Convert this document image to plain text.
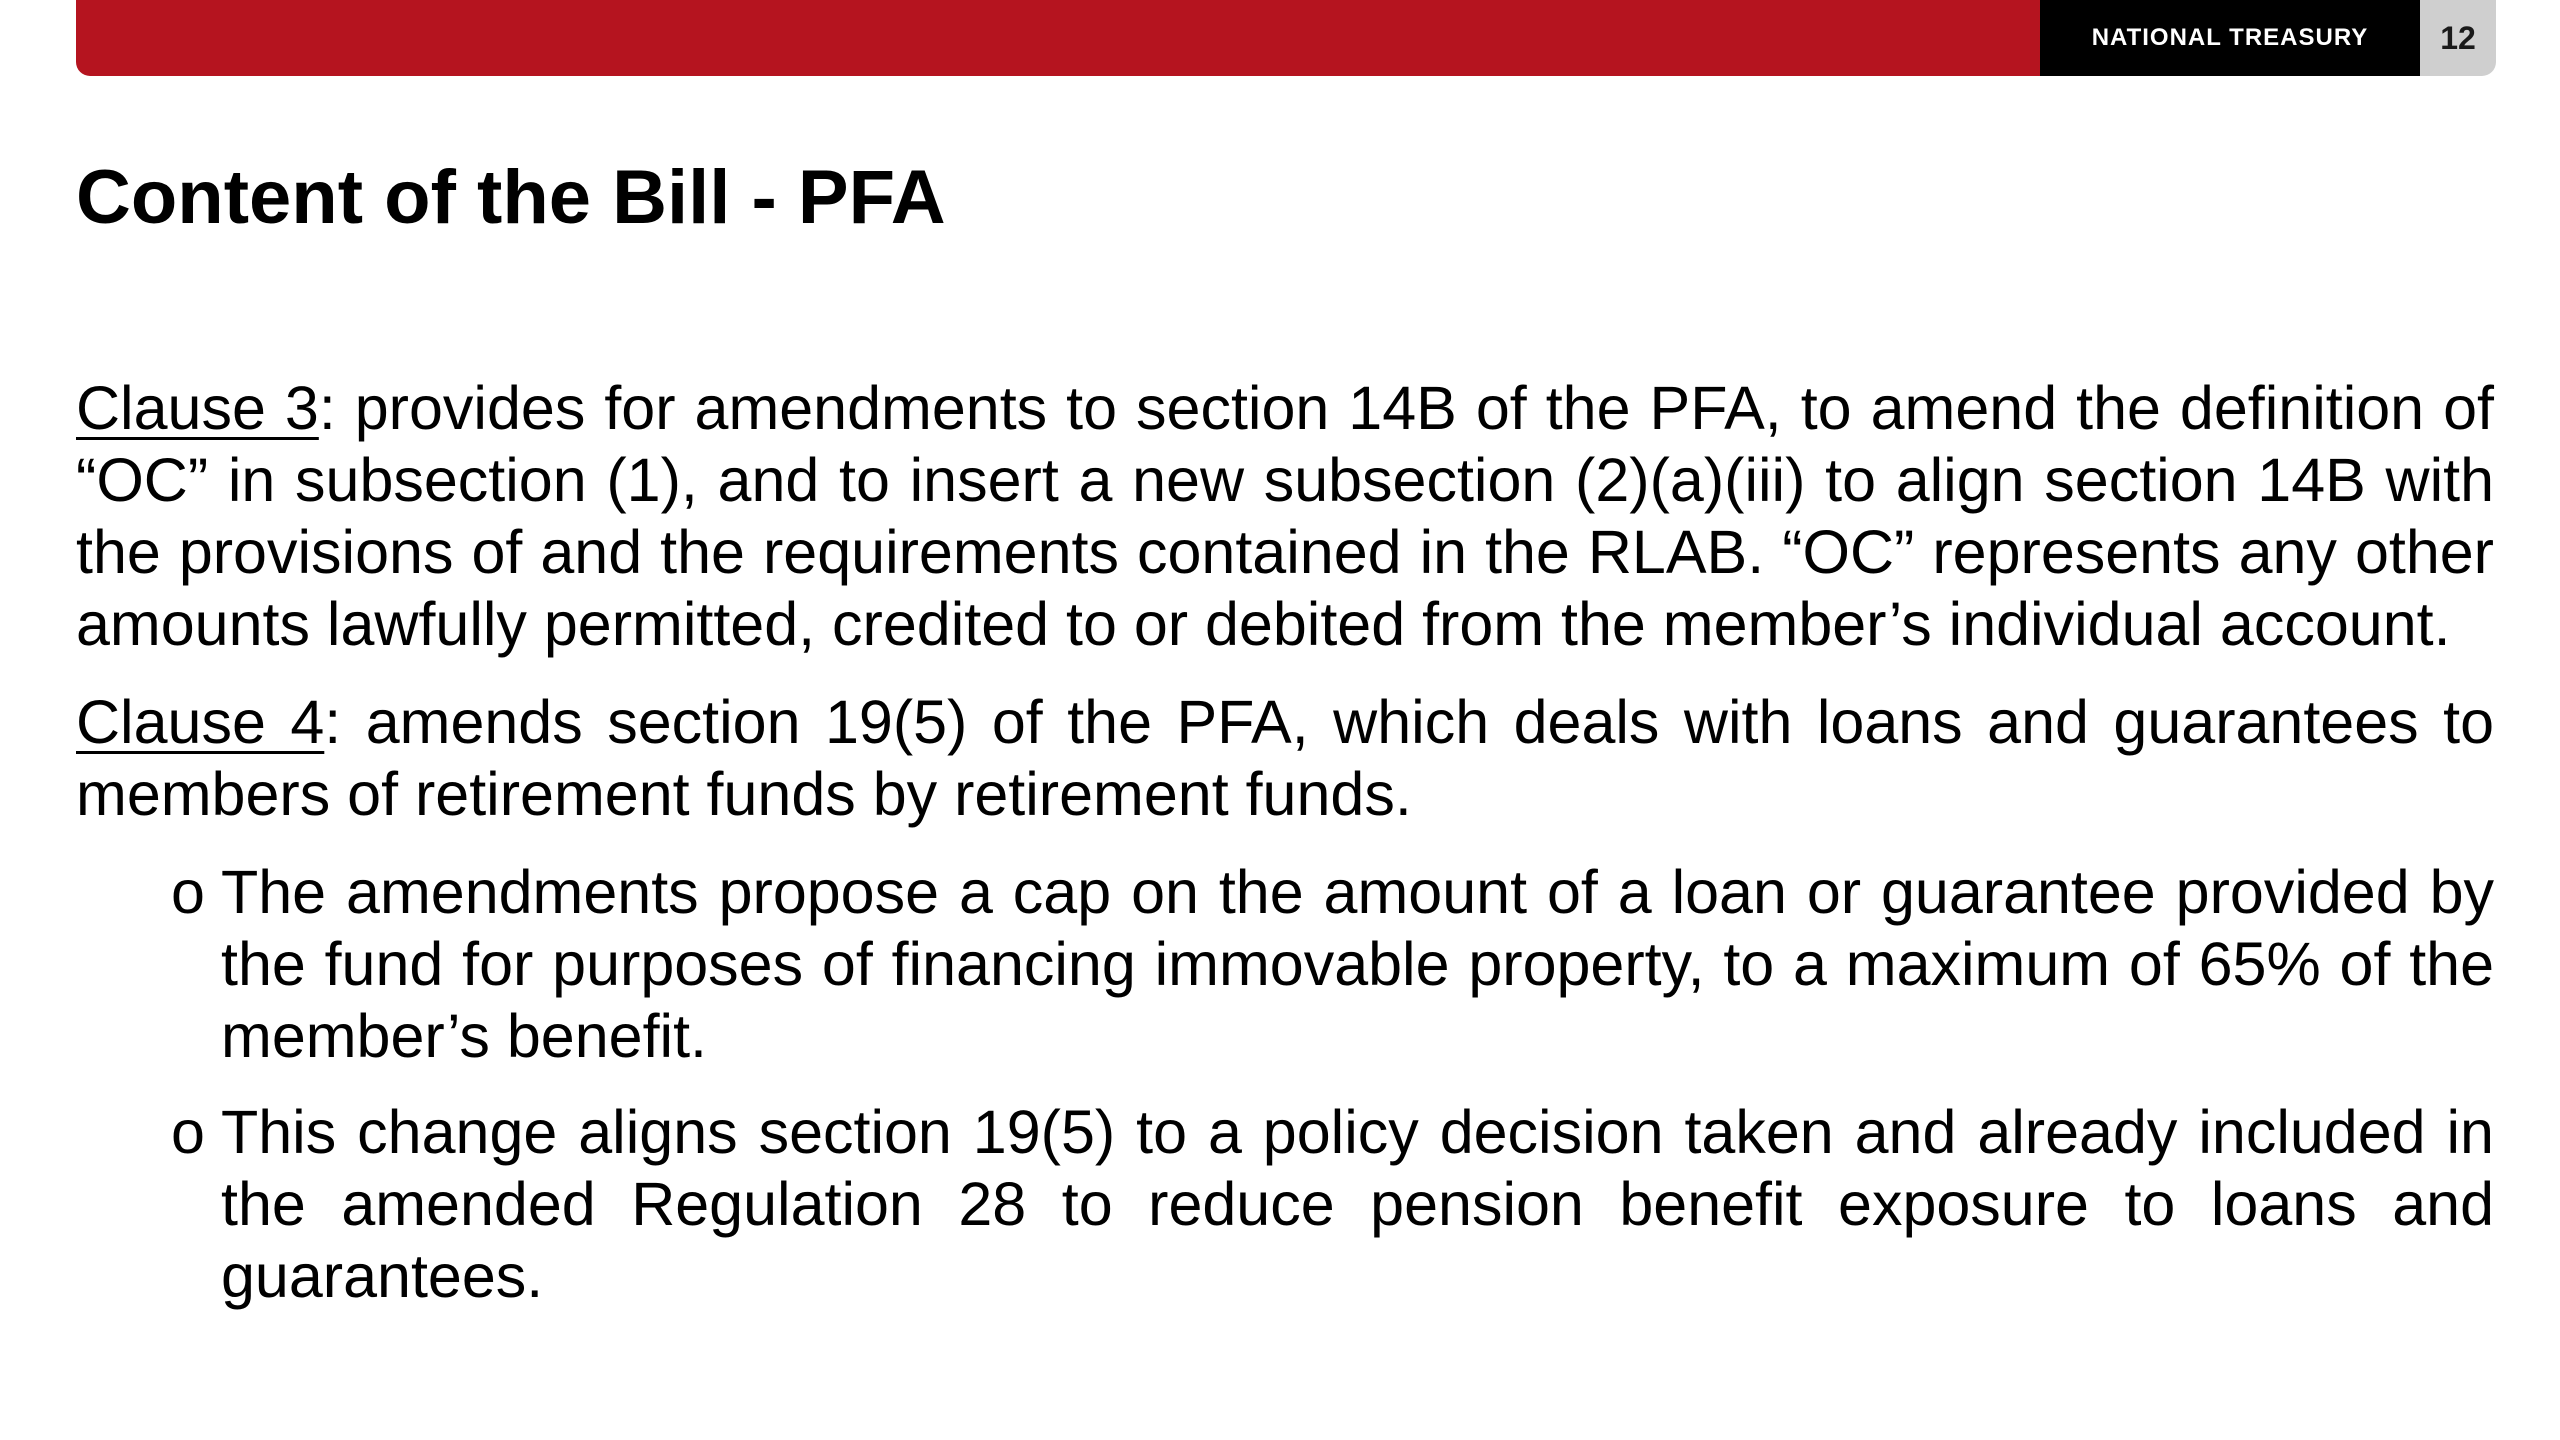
NATIONAL TREASURY	12
Content of the Bill - PFA

Clause 3: provides for amendments to section 14B of the PFA, to amend the definition of “OC” in subsection (1), and to insert a new subsection (2)(a)(iii) to align section 14B with the provisions of and the requirements contained in the RLAB. “OC” represents any other amounts lawfully permitted, credited to or debited from the member’s individual account.

Clause 4: amends section 19(5) of the PFA, which deals with loans and guarantees to members of retirement funds by retirement funds.

o The amendments propose a cap on the amount of a loan or guarantee provided by the fund for purposes of financing immovable property, to a maximum of 65% of the member’s benefit.
o This change aligns section 19(5) to a policy decision taken and already included in the amended Regulation 28 to reduce pension benefit exposure to loans and guarantees.
